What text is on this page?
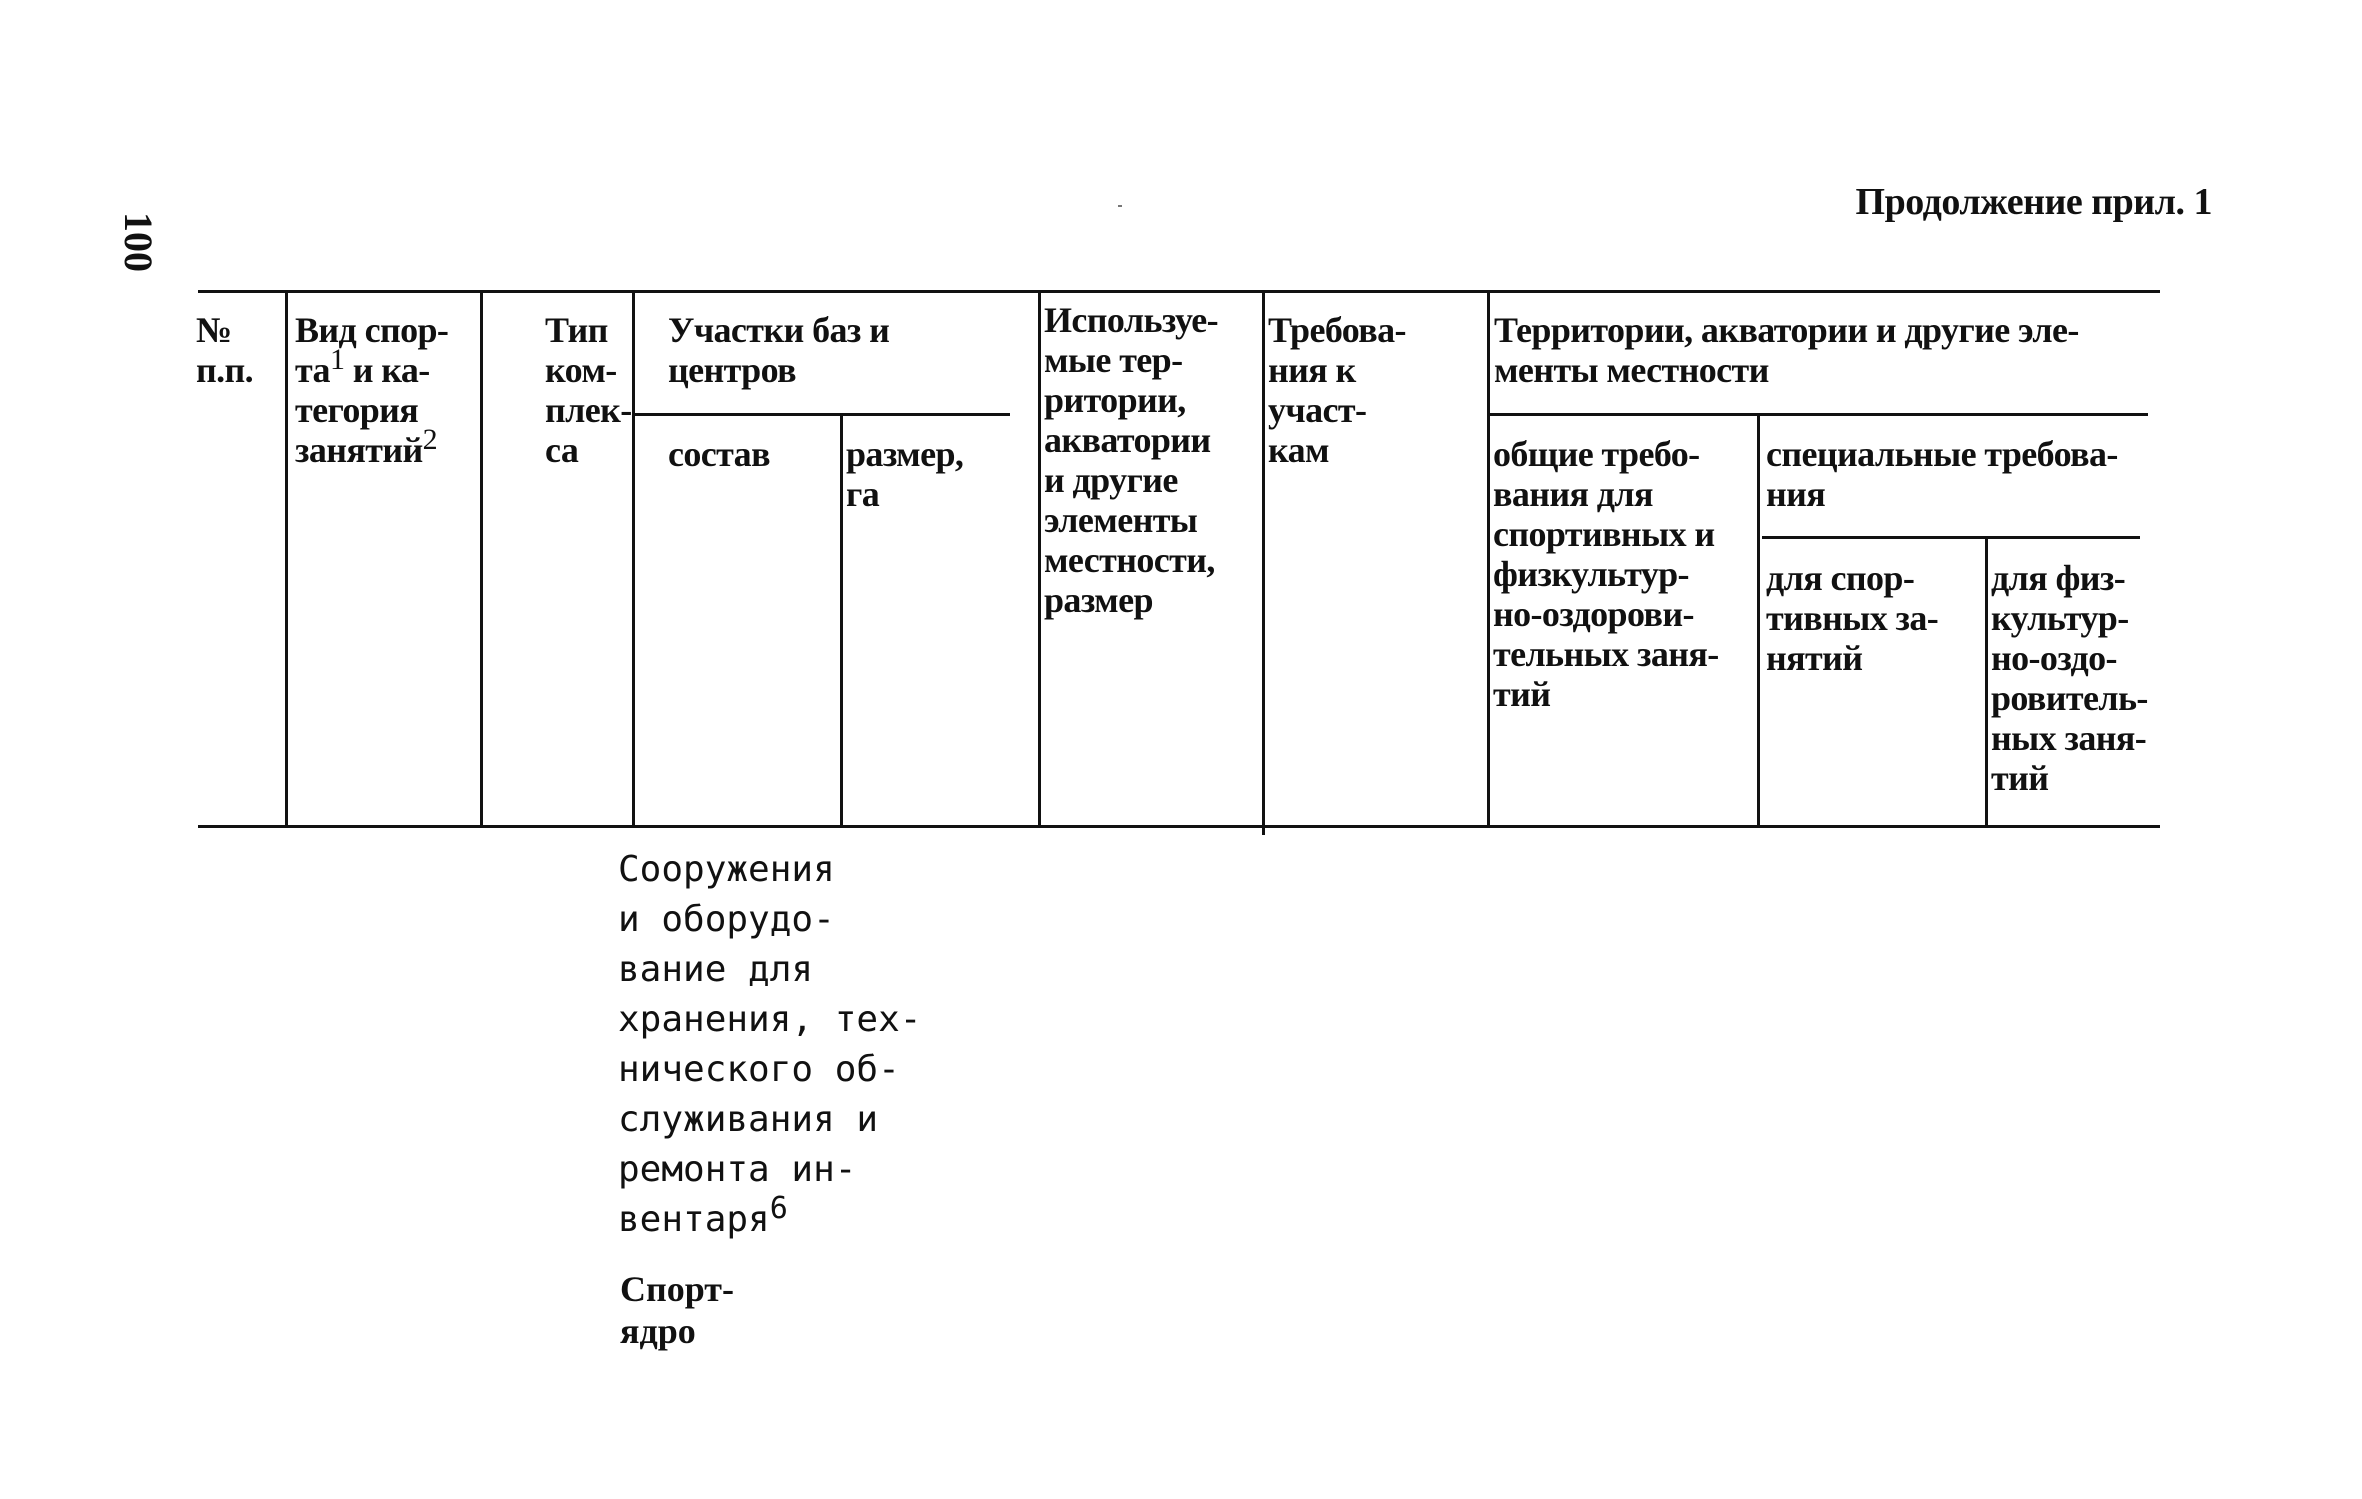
100
Продолжение прил. 1
№
п.п.
Вид спор-
$та^1$ и ка-
тегория
занятий$^2$
Тип
ком-
плек-
са
Участки баз и
центров
состав размер,
га
Используе-
мые тер-
ритории,
акватории
и другие
элементы
местности,
размер
Требова-
ния к
участ-
кам
Территории, акватории и другие эле-
менты местности
общие требо-
вания для
спортивных и
физкультур-
но-оздорови-
тельных заня-
тий
специальные требова-
ния
для спор-
тивных за-
нятий
для физ-
культур-
но-оздо-
ровитель-
ных заня-
тий
Сооружения
и оборудо-
вание для
хранения, тех-
нического об-
служивания и
ремонта ин-
вентаря$^6$
Спорт-
ядро
